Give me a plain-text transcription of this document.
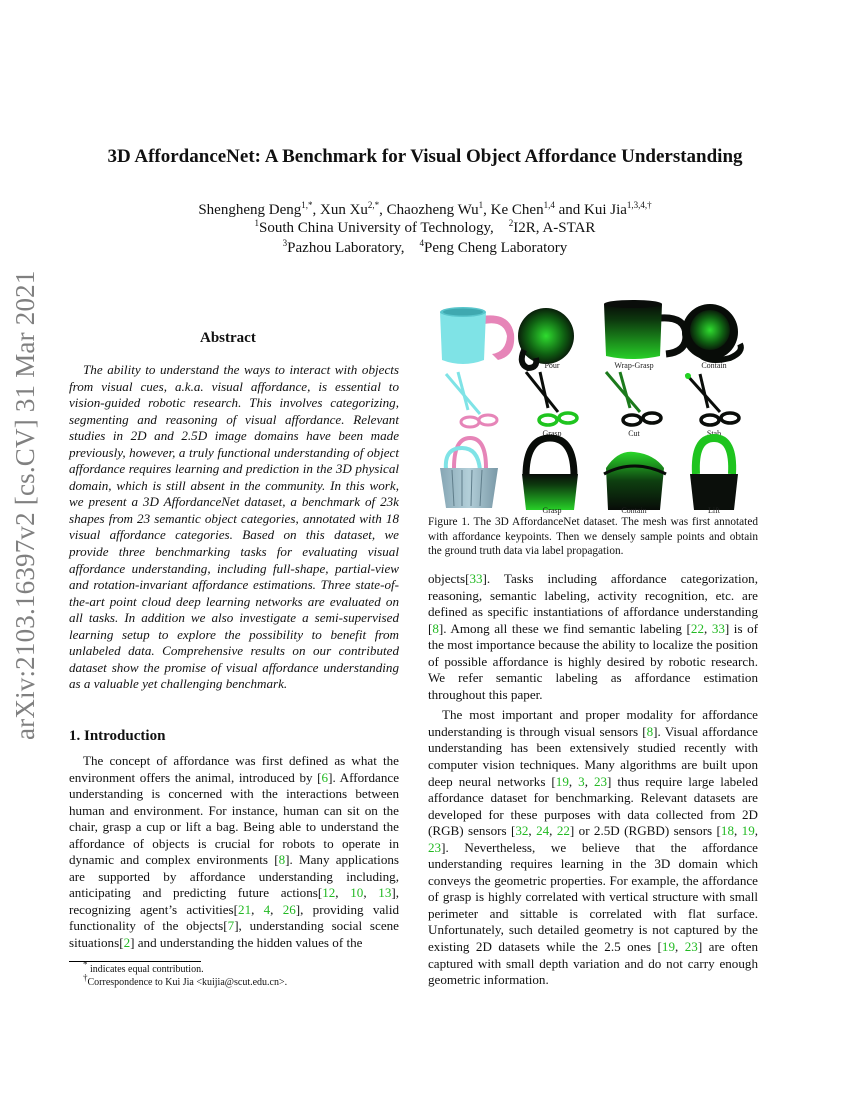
arXiv:2103.16397v2 [cs.CV] 31 Mar 2021
3D AffordanceNet: A Benchmark for Visual Object Affordance Understanding
Shengheng Deng$^{1,*}$, Xun $Xu^{2,*}$, Chaozheng Wu$^1$, Ke Chen$^{1,4}$ and Kui Jia$^{1,3,4,\dagger}$
$^1$South China University of Technology, $^2$I2R, A-STAR
$^3$Pazhou Laboratory, $^4$Peng Cheng Laboratory
Abstract

The ability to understand the ways to interact with objects from visual cues, a.k.a. visual affordance, is essential to vision-guided robotic research. This involves categorizing, segmenting and reasoning of visual affordance. Relevant studies in 2D and 2.5D image domains have been made previously, however, a truly functional understanding of object affordance requires learning and prediction in the 3D physical domain, which is still absent in the community. In this work, we present a 3D AffordanceNet dataset, a benchmark of 23k shapes from 23 semantic object categories, annotated with 18 visual affordance categories. Based on this dataset, we provide three benchmarking tasks for evaluating visual affordance understanding, including full-shape, partial-view and rotation-invariant affordance estimations. Three state-of-the-art point cloud deep learning networks are evaluated on all tasks. In addition we also investigate a semi-supervised learning setup to explore the possibility to benefit from unlabeled data. Comprehensive results on our contributed dataset show the promise of visual affordance understanding as a valuable yet challenging benchmark.

1. Introduction

The concept of affordance was first defined as what the environment offers the animal, introduced by [6]. Affordance understanding is concerned with the interactions between human and environment. For instance, human can sit on the chair, grasp a cup or lift a bag. Being able to understand the affordance of objects is crucial for robots to operate in dynamic and complex environments [8]. Many applications are supported by affordance understanding including, anticipating and predicting future actions[12, 10, 13], recognizing agent’s activities[21, 4, 26], providing valid functionality of the objects[7], understanding social scene situations[2] and understanding the hidden values of the

* indicates equal contribution.
†Correspondence to Kui Jia <kuijia@scut.edu.cn>.
Pour	Wrap-Grasp	Contain
Grasp	Cut	Stab
Grasp	Contain	Lift
Figure 1. The 3D AffordanceNet dataset. The mesh was first annotated with affordance keypoints. Then we densely sample points and obtain the ground truth data via label propagation.

objects[33]. Tasks including affordance categorization, reasoning, semantic labeling, activity recognition, etc. are defined as specific instantiations of affordance understanding [8]. Among all these we find semantic labeling [22, 33] is of the most importance because the ability to localize the position of possible affordance is highly desired by robotic research. We refer semantic labeling as affordance estimation throughout this paper.

The most important and proper modality for affordance understanding is through visual sensors [8]. Visual affordance understanding has been extensively studied recently with computer vision techniques. Many algorithms are built upon deep neural networks [19, 3, 23] thus require large labeled affordance dataset for benchmarking. Relevant datasets are developed for these purposes with data collected from 2D (RGB) sensors [32, 24, 22] or 2.5D (RGBD) sensors [18, 19, 23]. Nevertheless, we believe that the affordance understanding requires learning in the 3D domain which conveys the geometric properties. For example, the affordance of grasp is highly correlated with vertical structure with small perimeter and sittable is correlated with flat surface. Unfortunately, such detailed geometry is not captured by the existing 2D datasets while the 2.5 ones [19, 23] are often captured with small depth variation and do not carry enough geometric information.
